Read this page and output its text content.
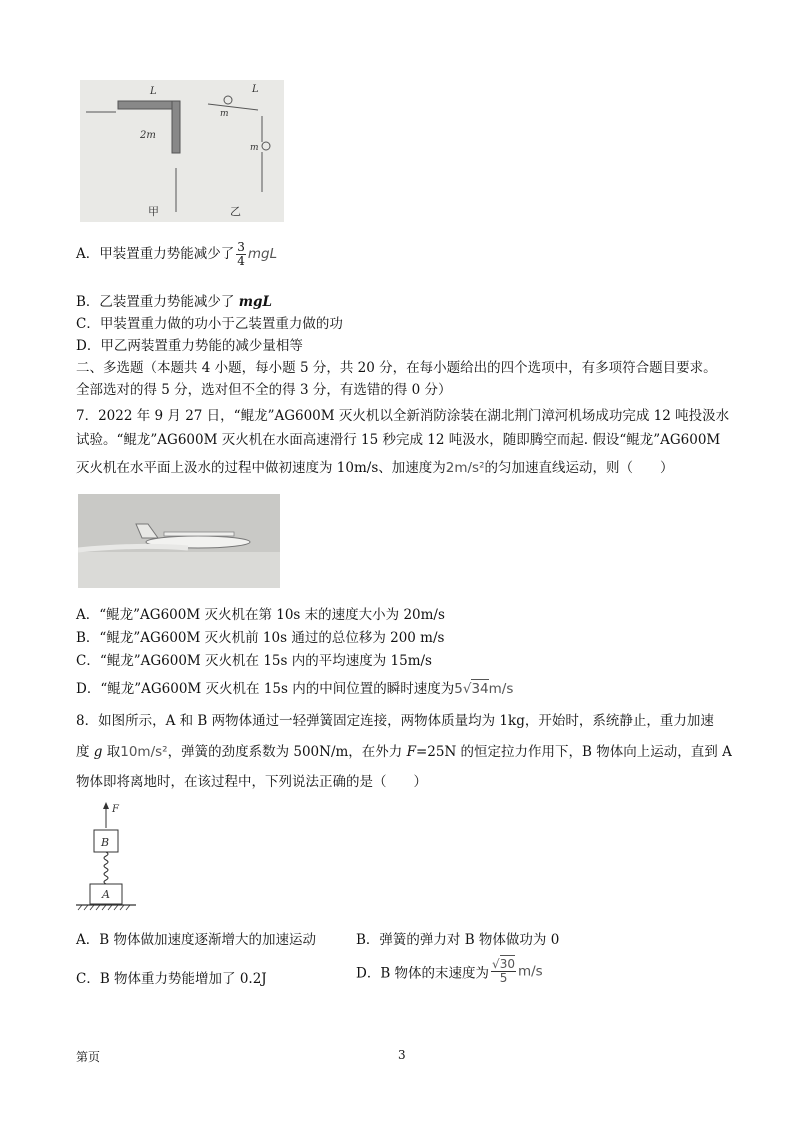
L
2m
甲
L
m
m
乙
A．甲装置重力势能减少了 $\frac{3}{4}$ mgL
B．乙装置重力势能减少了 mgL
C．甲装置重力做的功小于乙装置重力做的功
D．甲乙两装置重力势能的减少量相等
二、多选题（本题共 4 小题，每小题 5 分，共 20 分，在每小题给出的四个选项中，有多项符合题目要求。
全部选对的得 5 分，选对但不全的得 3 分，有选错的得 0 分）
7．2022 年 9 月 27 日，“鲲龙”AG600M 灭火机以全新消防涂装在湖北荆门漳河机场成功完成 12 吨投汲水
试验。“鲲龙”AG600M 灭火机在水面高速滑行 15 秒完成 12 吨汲水，随即腾空而起. 假设“鲲龙”AG600M
灭火机在水平面上汲水的过程中做初速度为 10m/s、加速度为2m/s²的匀加速直线运动，则（　　）
A．“鲲龙”AG600M 灭火机在第 10s 末的速度大小为 20m/s
B．“鲲龙”AG600M 灭火机前 10s 通过的总位移为 200 m/s
C．“鲲龙”AG600M 灭火机在 15s 内的平均速度为 15m/s
D．“鲲龙”AG600M 灭火机在 15s 内的中间位置的瞬时速度为5√34m/s
8．如图所示，A 和 B 两物体通过一轻弹簧固定连接，两物体质量均为 1kg，开始时，系统静止，重力加速
度 g 取10m/s²，弹簧的劲度系数为 500N/m，在外力 F=25N 的恒定拉力作用下，B 物体向上运动，直到 A
物体即将离地时，在该过程中，下列说法正确的是（　　）
F
B
A
A．B 物体做加速度逐渐增大的加速运动	B．弹簧的弹力对 B 物体做功为 0
C．B 物体重力势能增加了 0.2J	D．B 物体的末速度为 $\frac{√30}{5} m/s$
第页	3
